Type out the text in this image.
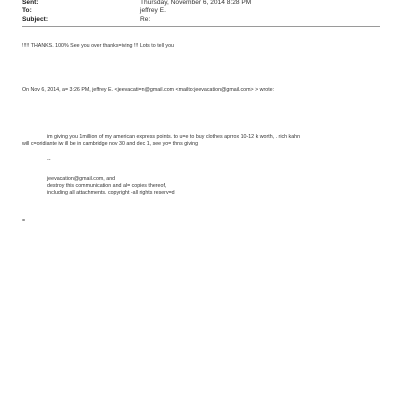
Sent:	Thursday, November 6, 2014 8:28 PM
To:	jeffrey E.
Subject:	Re:
!!!!! THANKS. 100% See you over thanks=iving !!! Lots to tell you
On Nov 6, 2014, a= 3:26 PM, jeffrey E. <jeevacati=n@gmail.com <mailto:jeevacation@gmail.com> > wrote:
im giving you 1million of my american express points. to u=e to buy clothes aprrox 10-12 k worth, . rich kahn
will c=oridiante iw ill be in cambridge nov 30 and dec 1, see yo= thns giving
--
jeevacation@gmail.com, and
destroy this communication and al= copies thereof,
including all attachments. copyright -all rights reserv=d
=
